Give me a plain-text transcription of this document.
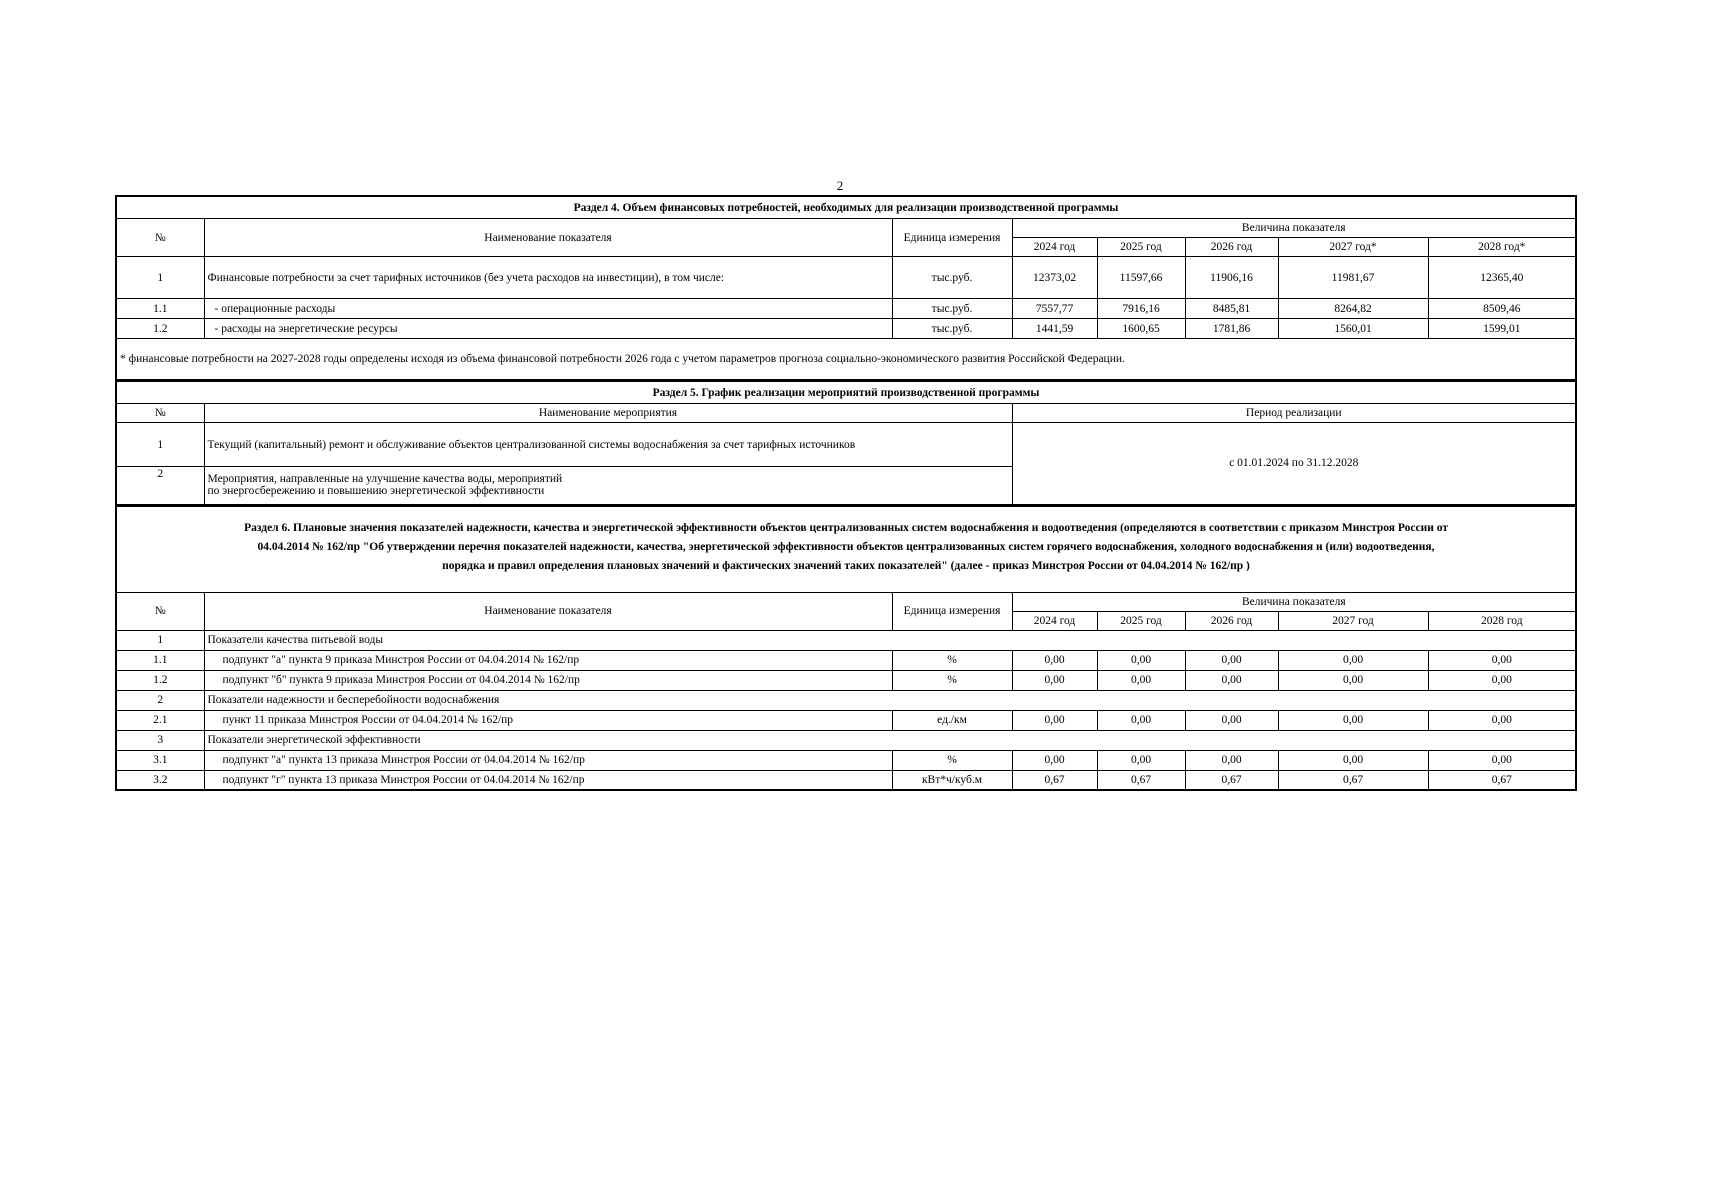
2
Раздел 4. Объем финансовых потребностей, необходимых для реализации производственной программы							
№	Наименование показателя	Единица измерения	Величина показателя				
			2024 год	2025 год	2026 год	2027 год*	2028 год*
1	Финансовые потребности за счет тарифных источников (без учета расходов на инвестиции), в том числе:	тыс.руб.	12373,02	11597,66	11906,16	11981,67	12365,40
1.1	- операционные расходы	тыс.руб.	7557,77	7916,16	8485,81	8264,82	8509,46
1.2	- расходы на энергетические ресурсы	тыс.руб.	1441,59	1600,65	1781,86	1560,01	1599,01
* финансовые потребности на 2027-2028 годы определены исходя из объема финансовой потребности 2026 года с учетом параметров прогноза социально-экономического развития Российской Федерации.							
Раздел 5. График реализации мероприятий производственной программы		
№	Наименование мероприятия	Период реализации
1	Текущий (капитальный) ремонт и обслуживание объектов централизованной системы водоснабжения за счет тарифных источников	с 01.01.2024 по 31.12.2028
2	Мероприятия, направленные на улучшение качества воды, мероприятий
по энергосбережению и повышению энергетической эффективности	
Раздел 6. Плановые значения показателей надежности, качества и энергетической эффективности объектов централизованных систем водоснабжения и водоотведения (определяются в соответствии с приказом Минстроя России от
04.04.2014 № 162/пр "Об утверждении перечня показателей надежности, качества, энергетической эффективности объектов централизованных систем горячего водоснабжения, холодного водоснабжения и (или) водоотведения,
порядка и правил определения плановых значений и фактических значений таких показателей" (далее - приказ Минстроя России от 04.04.2014 № 162/пр )							

№	Наименование показателя	Единица измерения	Величина показателя				
			2024 год	2025 год	2026 год	2027 год	2028 год
1	Показатели качества питьевой воды						
1.1	подпункт "а" пункта 9 приказа Минстроя России от 04.04.2014 № 162/пр	%	0,00	0,00	0,00	0,00	0,00
1.2	подпункт "б" пункта 9 приказа Минстроя России от 04.04.2014 № 162/пр	%	0,00	0,00	0,00	0,00	0,00
2	Показатели надежности и бесперебойности водоснабжения						
2.1	пункт 11 приказа Минстроя России от 04.04.2014 № 162/пр	ед./км	0,00	0,00	0,00	0,00	0,00
3	Показатели энергетической эффективности						
3.1	подпункт "а" пункта 13 приказа Минстроя России от 04.04.2014 № 162/пр	%	0,00	0,00	0,00	0,00	0,00
3.2	подпункт "г" пункта 13 приказа Минстроя России от 04.04.2014 № 162/пр	кВт*ч/куб.м	0,67	0,67	0,67	0,67	0,67
